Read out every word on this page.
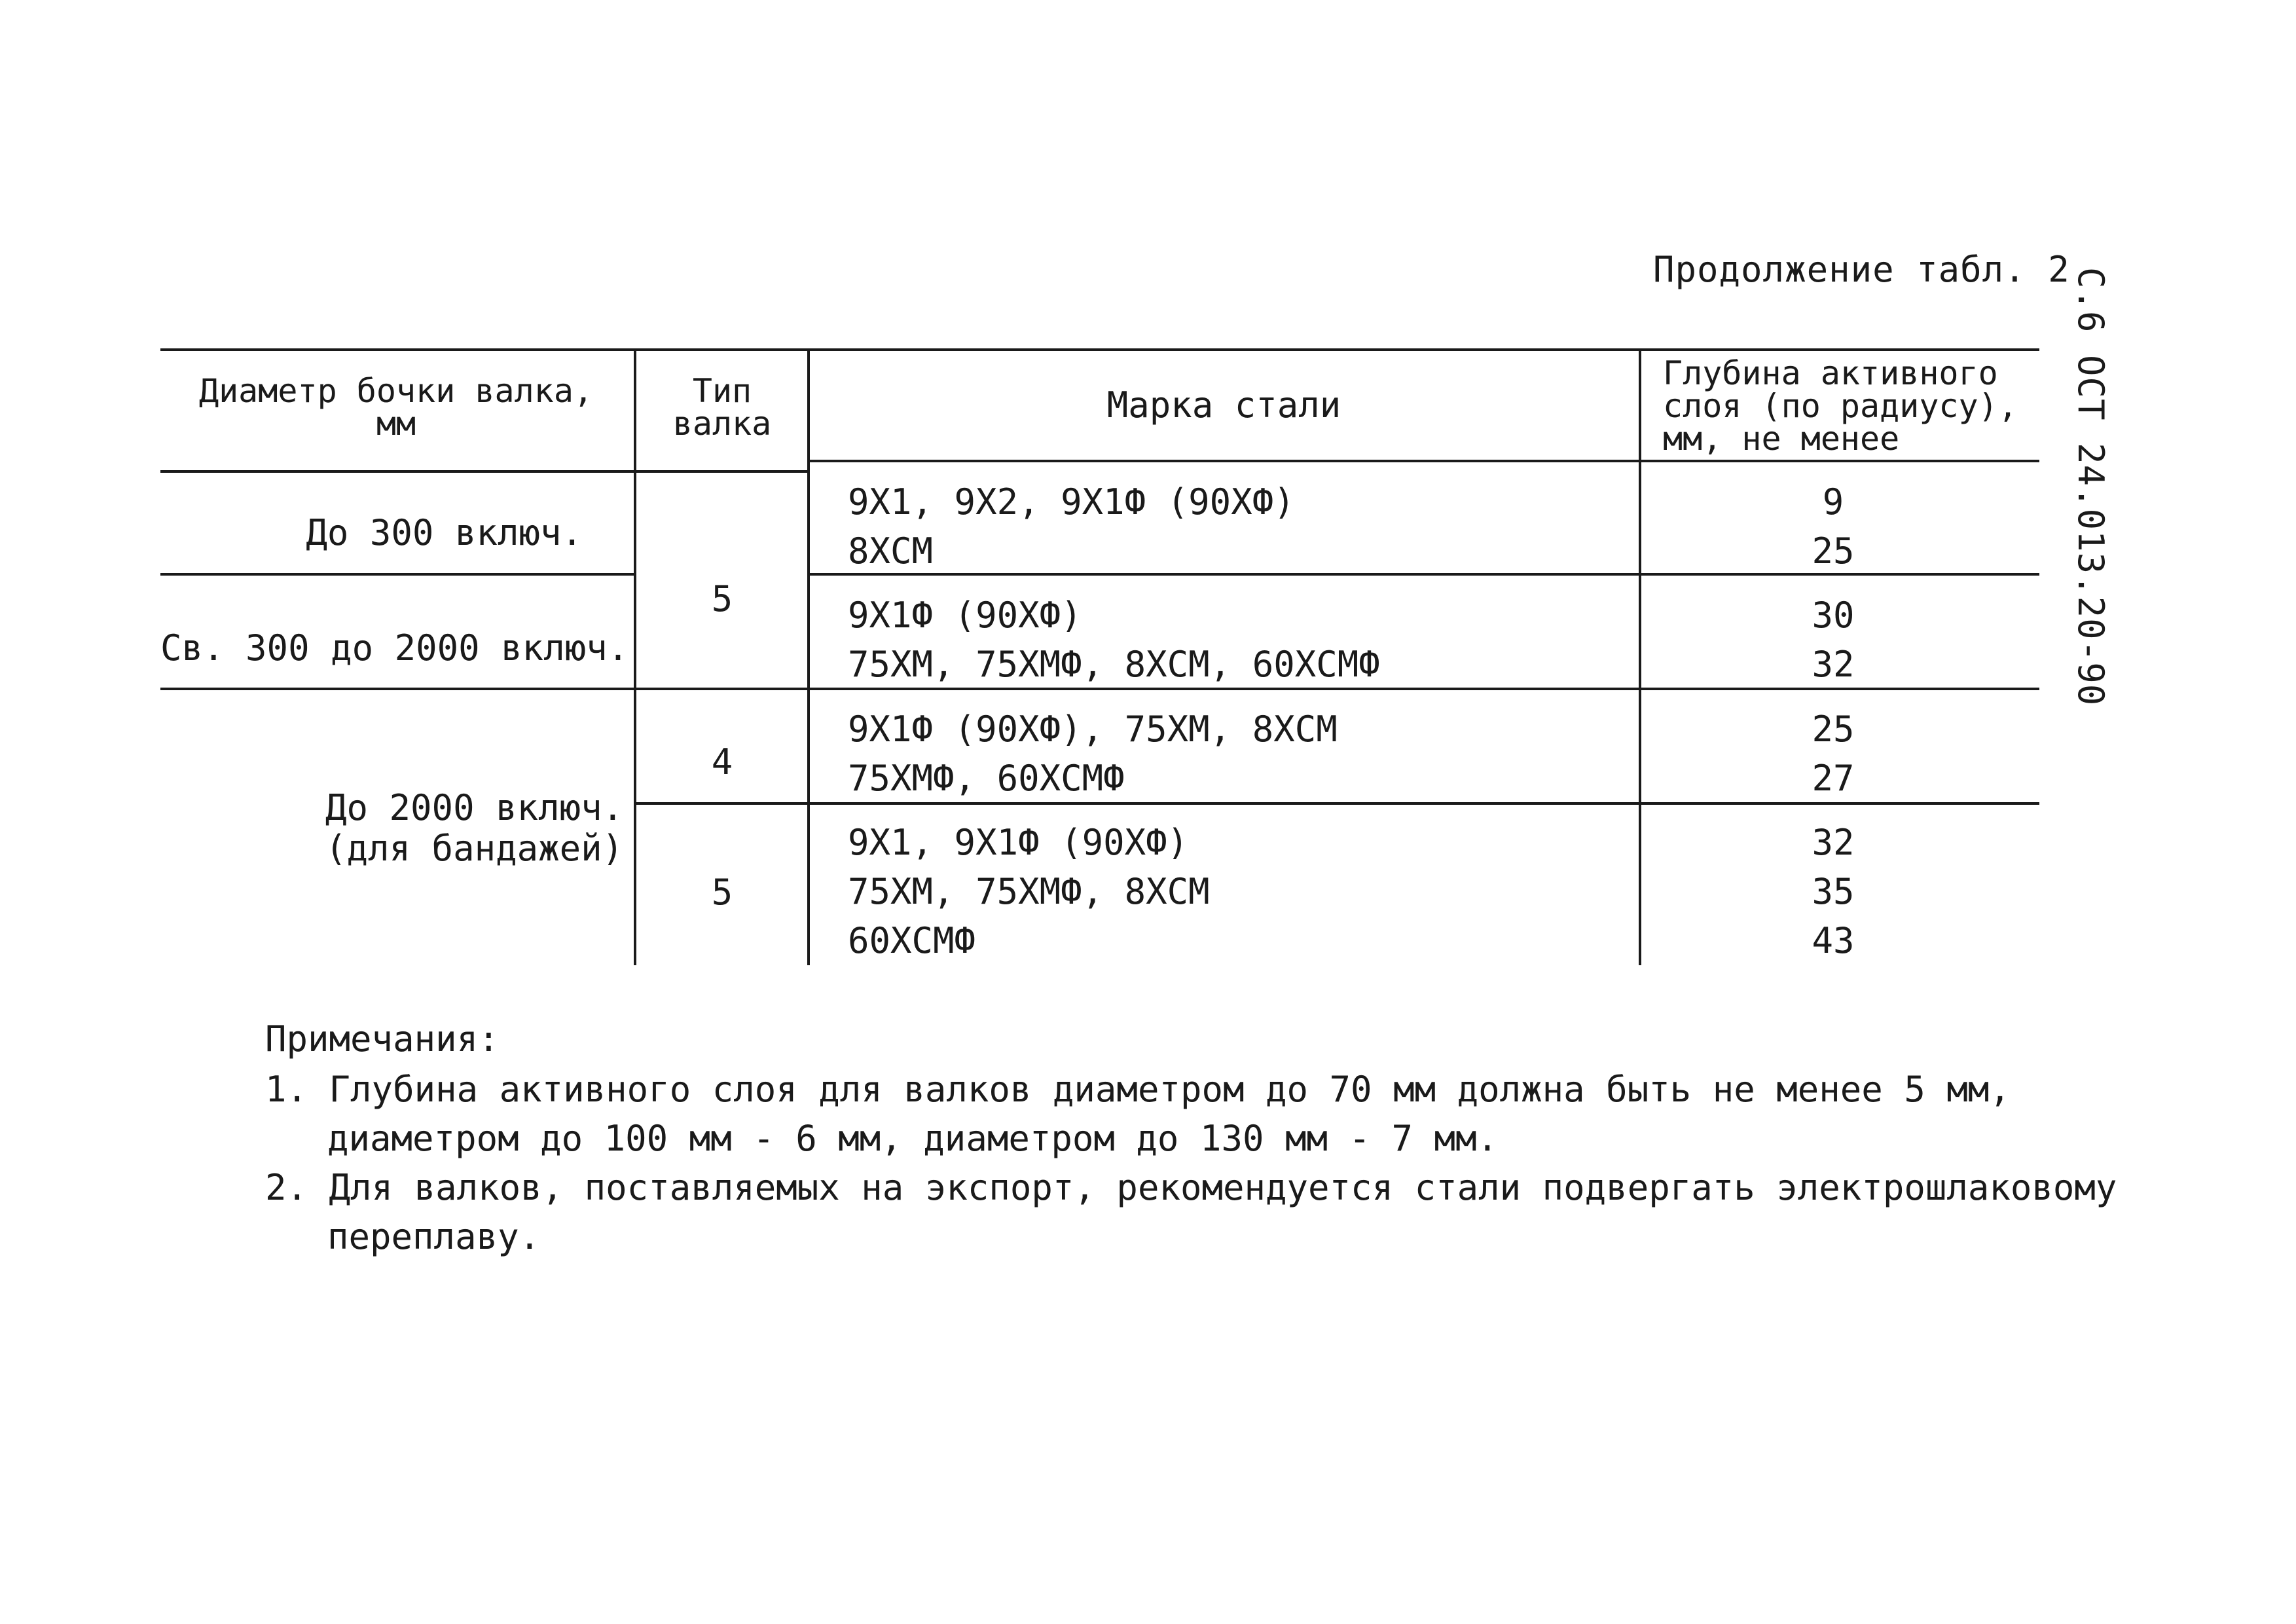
Продолжение табл. 2 С.6 ОСТ 24.013.20-90
Диаметр бочки валка,
мм
Тип
валка	Марка стали
Глубина активного
слоя (по радиусу),
мм, не менее
До 300 включ.
Св. 300 до 2000 включ.
До 2000 включ.
(для бандажей)
5
4
5
9Х1, 9Х2, 9Х1Ф (90ХФ)
8ХСМ
9Х1Ф (90ХФ)
75ХМ, 75ХМФ, 8ХСМ, 60ХСМФ
9Х1Ф (90ХФ), 75ХМ, 8ХСМ
75ХМФ, 60ХСМФ
9Х1, 9Х1Ф (90ХФ)
75ХМ, 75ХМФ, 8ХСМ
60ХСМФ
9
25
30
32
25
27
32
35
43
Примечания:
1. Глубина активного слоя для валков диаметром до 70 мм должна быть не менее 5 мм,
диаметром до 100 мм - 6 мм, диаметром до 130 мм - 7 мм.
2. Для валков, поставляемых на экспорт, рекомендуется стали подвергать электрошлаковому
переплаву.
